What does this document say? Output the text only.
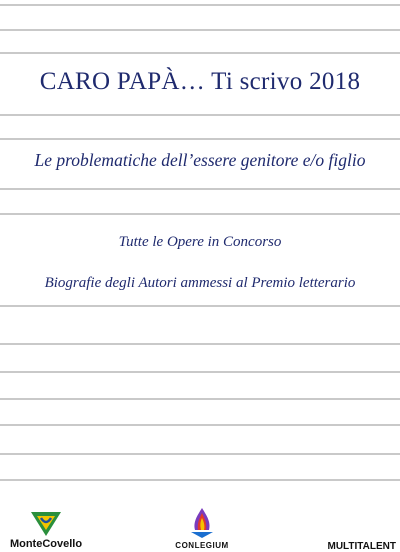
CARO PAPÀ… Ti scrivo 2018
Le problematiche dell’essere genitore e/o figlio
Tutte le Opere in Concorso
Biografie degli Autori ammessi al Premio letterario
MonteCovello	CONLEGIUM	MULTITALENT
